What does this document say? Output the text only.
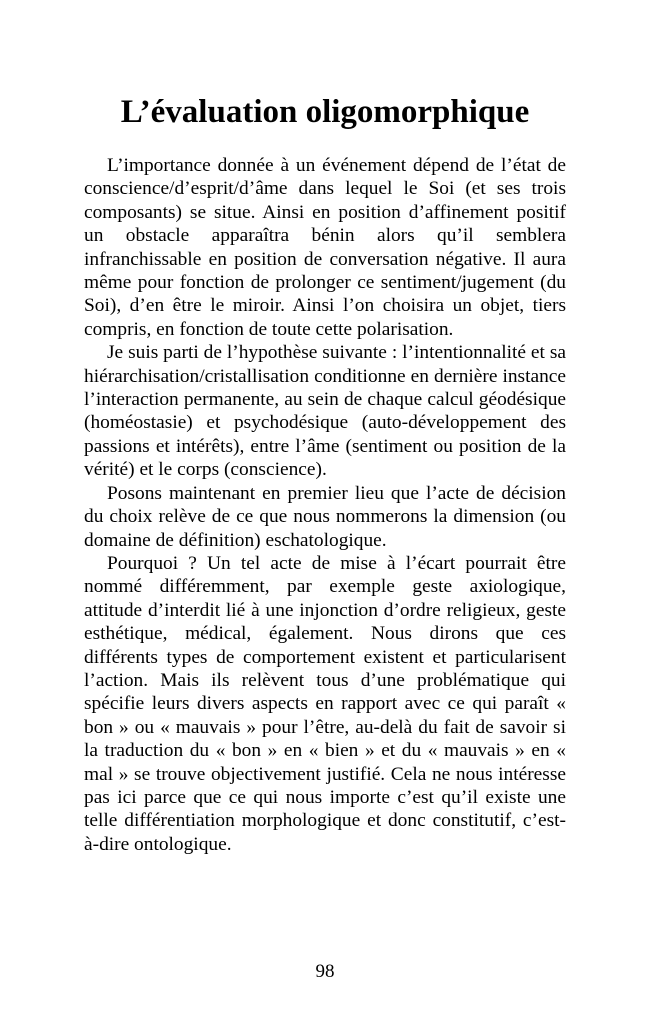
L’évaluation oligomorphique

L’importance donnée à un événement dépend de l’état de conscience/d’esprit/d’âme dans lequel le Soi (et ses trois composants) se situe. Ainsi en position d’affinement positif un obstacle apparaîtra bénin alors qu’il semblera infranchissable en position de conversation négative. Il aura même pour fonction de prolonger ce sentiment/jugement (du Soi), d’en être le miroir. Ainsi l’on choisira un objet, tiers compris, en fonction de toute cette polarisation.

Je suis parti de l’hypothèse suivante : l’intentionnalité et sa hiérarchisation/cristallisation conditionne en dernière instance l’interaction permanente, au sein de chaque calcul géodésique (homéostasie) et psychodésique (auto-développement des passions et intérêts), entre l’âme (sentiment ou position de la vérité) et le corps (conscience).

Posons maintenant en premier lieu que l’acte de décision du choix relève de ce que nous nommerons la dimension (ou domaine de définition) eschatologique.

Pourquoi ? Un tel acte de mise à l’écart pourrait être nommé différemment, par exemple geste axiologique, attitude d’interdit lié à une injonction d’ordre religieux, geste esthétique, médical, également. Nous dirons que ces différents types de comportement existent et particularisent l’action. Mais ils relèvent tous d’une problématique qui spécifie leurs divers aspects en rapport avec ce qui paraît « bon » ou « mauvais » pour l’être, au-delà du fait de savoir si la traduction du « bon » en « bien » et du « mauvais » en « mal » se trouve objectivement justifié. Cela ne nous intéresse pas ici parce que ce qui nous importe c’est qu’il existe une telle différentiation morphologique et donc constitutif, c’est-à-dire ontologique.

98
